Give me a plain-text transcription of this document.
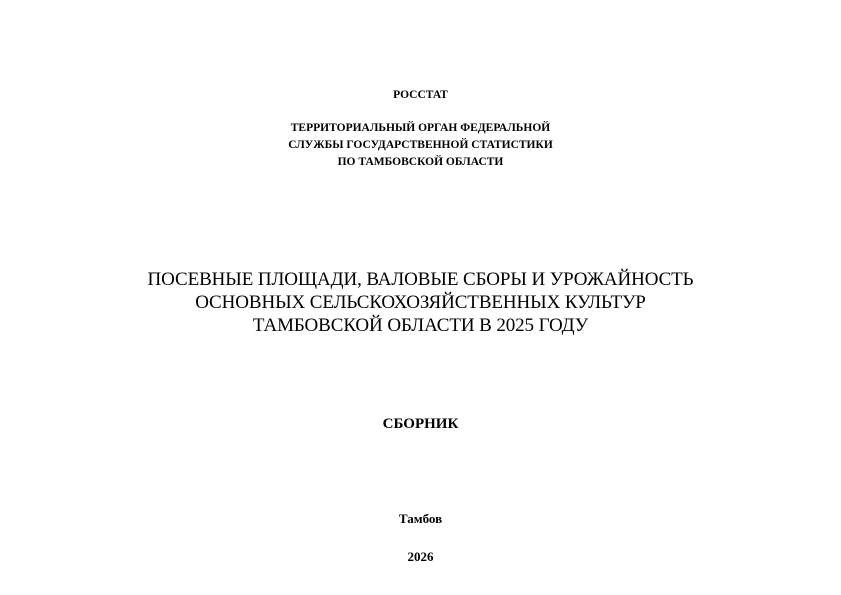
РОССТАТ

ТЕРРИТОРИАЛЬНЫЙ ОРГАН ФЕДЕРАЛЬНОЙ

СЛУЖБЫ ГОСУДАРСТВЕННОЙ СТАТИСТИКИ

ПО ТАМБОВСКОЙ ОБЛАСТИ

ПОСЕВНЫЕ ПЛОЩАДИ, ВАЛОВЫЕ СБОРЫ И УРОЖАЙНОСТЬ

ОСНОВНЫХ СЕЛЬСКОХОЗЯЙСТВЕННЫХ КУЛЬТУР

ТАМБОВСКОЙ ОБЛАСТИ В 2025 ГОДУ

СБОРНИК

Тамбов

2026
